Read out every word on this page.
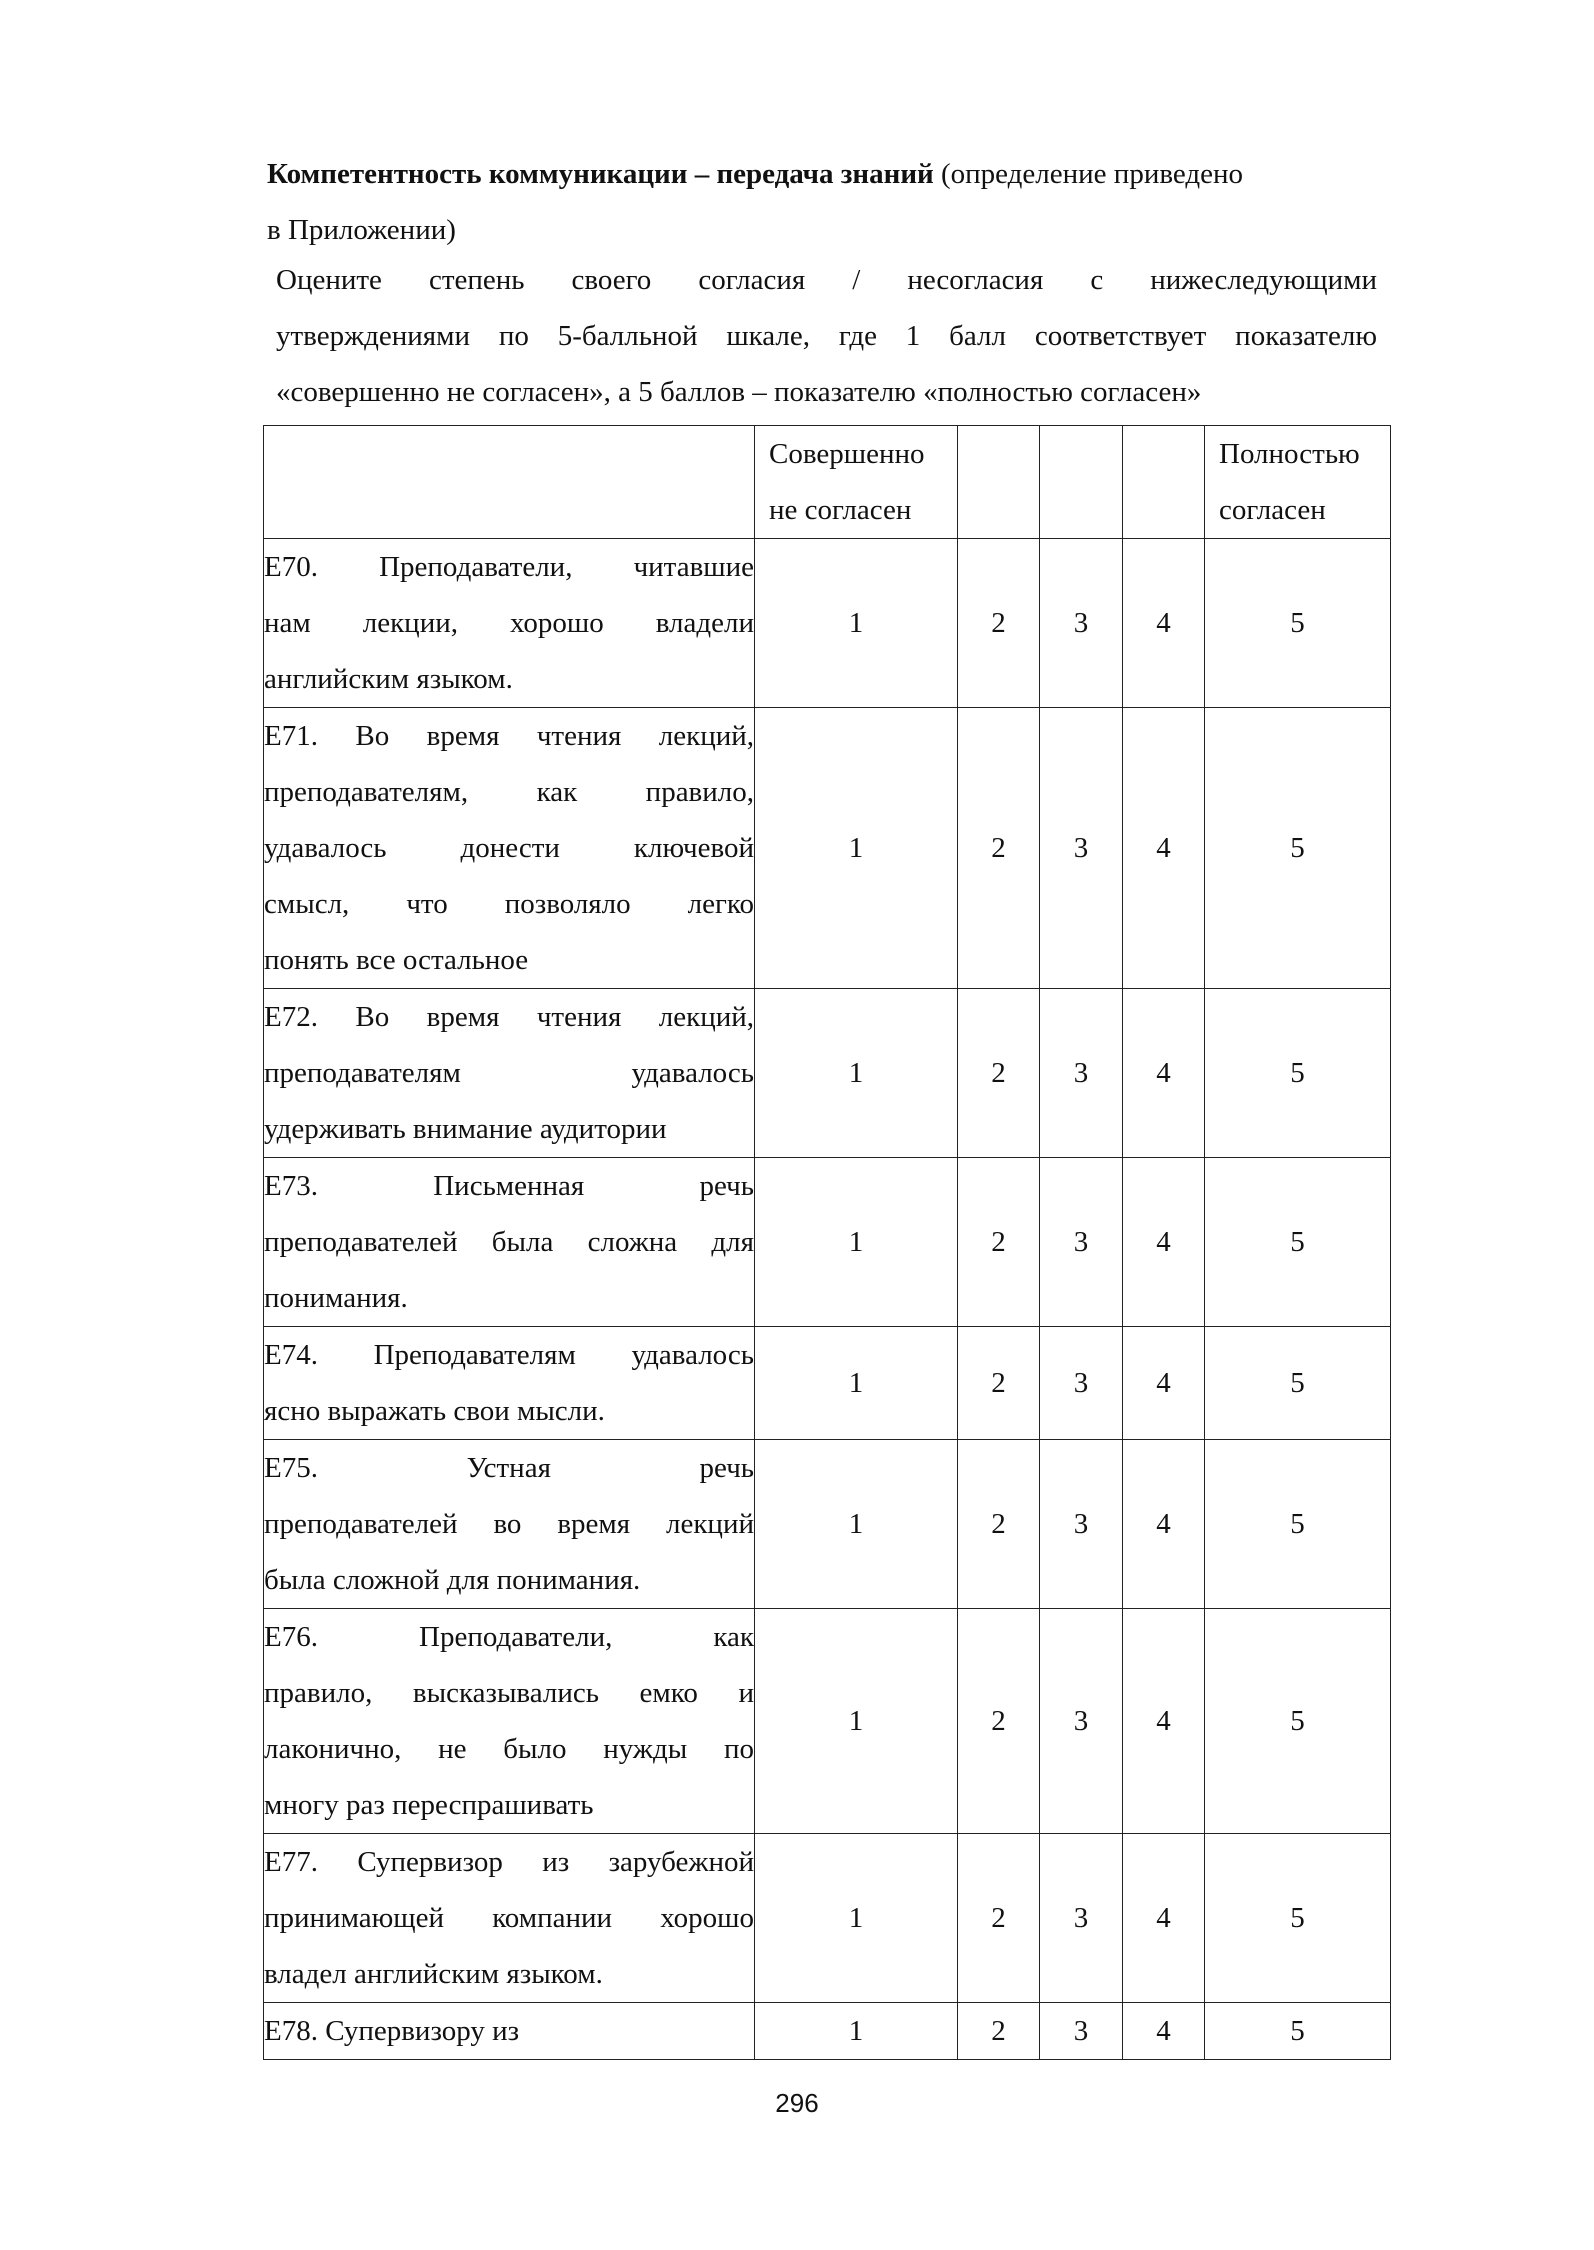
Компетентность коммуникации – передача знаний (определение приведено
в Приложении)
Оцените степень своего согласия / несогласия с нижеследующими
утверждениями по 5-балльной шкале, где 1 балл соответствует показателю
«совершенно не согласен», а 5 баллов – показателю «полностью согласен»
	Совершенно
не согласен				Полностью
согласен

E70. Преподаватели, читавшие
нам лекции, хорошо владели
английским языком.	1	2	3	4	5

E71. Во время чтения лекций,
преподавателям, как правило,
удавалось донести ключевой
смысл, что позволяло легко
понять все остальное	1	2	3	4	5

E72. Во время чтения лекций,
преподавателям удавалось
удерживать внимание аудитории	1	2	3	4	5

E73. Письменная речь
преподавателей была сложна для
понимания.	1	2	3	4	5

E74. Преподавателям удавалось
ясно выражать свои мысли.	1	2	3	4	5

E75. Устная речь
преподавателей во время лекций
была сложной для понимания.	1	2	3	4	5

E76. Преподаватели, как
правило, высказывались емко и
лаконично, не было нужды по
многу раз переспрашивать	1	2	3	4	5

E77. Супервизор из зарубежной
принимающей компании хорошо
владел английским языком.	1	2	3	4	5

E78. Супервизору из	1	2	3	4	5
296
